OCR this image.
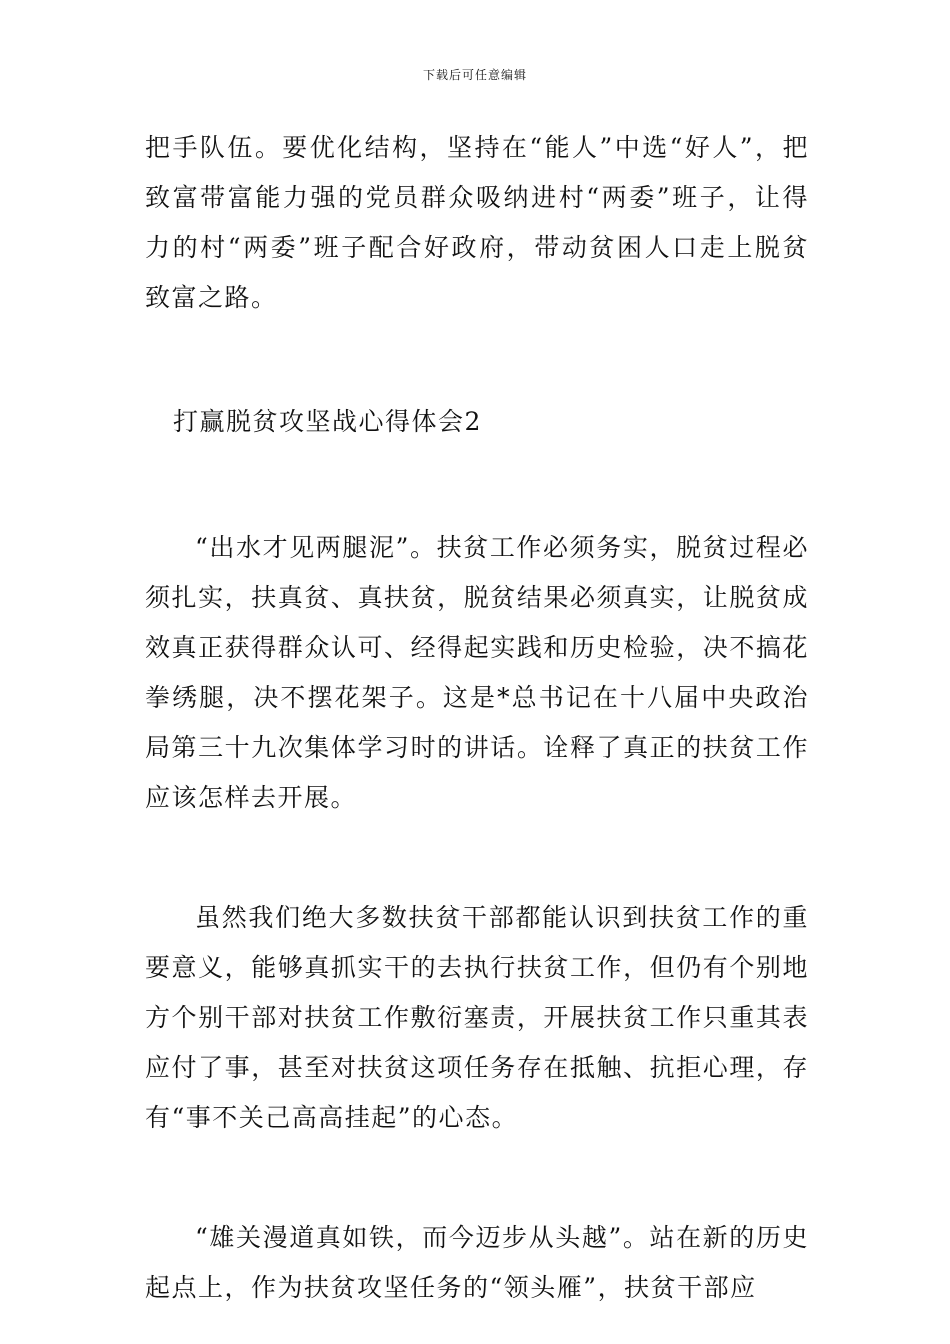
下载后可任意编辑

把手队伍。要优化结构，坚持在“能人”中选“好人”，把致富带富能力强的党员群众吸纳进村“两委”班子，让得力的村“两委”班子配合好政府，带动贫困人口走上脱贫致富之路。

打赢脱贫攻坚战心得体会2

“出水才见两腿泥”。扶贫工作必须务实，脱贫过程必须扎实，扶真贫、真扶贫，脱贫结果必须真实，让脱贫成效真正获得群众认可、经得起实践和历史检验，决不搞花拳绣腿，决不摆花架子。这是*总书记在十八届中央政治局第三十九次集体学习时的讲话。诠释了真正的扶贫工作应该怎样去开展。

虽然我们绝大多数扶贫干部都能认识到扶贫工作的重要意义，能够真抓实干的去执行扶贫工作，但仍有个别地方个别干部对扶贫工作敷衍塞责，开展扶贫工作只重其表应付了事，甚至对扶贫这项任务存在抵触、抗拒心理，存有“事不关己高高挂起”的心态。

“雄关漫道真如铁，而今迈步从头越”。站在新的历史起点上，作为扶贫攻坚任务的“领头雁”，扶贫干部应
